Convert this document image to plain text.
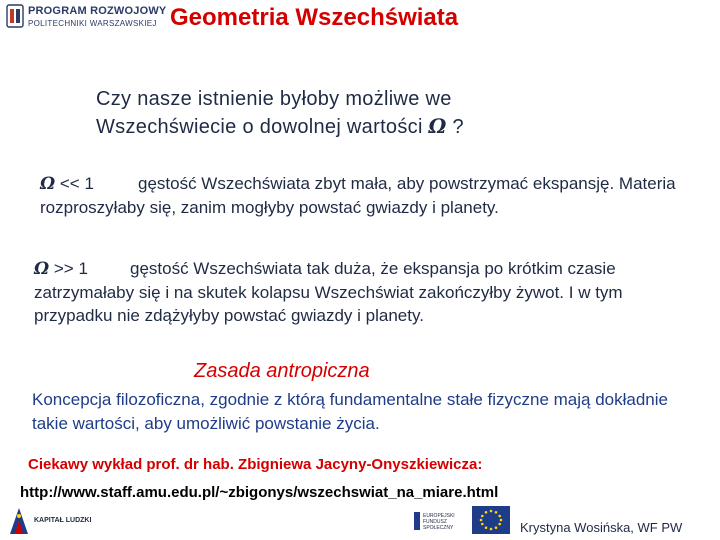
PROGRAM ROZWOJOWY
POLITECHNIKI WARSZAWSKIEJ Geometria Wszechświata
Czy nasze istnienie byłoby możliwe we
Wszechświecie o dowolnej wartości Ω ?
Ω << 1	gęstość Wszechświata zbyt mała, aby powstrzymać ekspansję. Materia rozproszyłaby się, zanim mogłyby powstać gwiazdy i planety.
Ω >> 1 gęstość Wszechświata tak duża, że ekspansja po krótkim czasie zatrzymałaby się i na skutek kolapsu Wszechświat zakończyłby żywot. I w tym przypadku nie zdążyłyby powstać gwiazdy i planety.
Zasada antropiczna
Koncepcja filozoficzna, zgodnie z którą fundamentalne stałe fizyczne mają dokładnie takie wartości, aby umożliwić powstanie życia.
Ciekawy wykład prof. dr hab. Zbigniewa Jacyny-Onyszkiewicza:
http://www.staff.amu.edu.pl/~zbigonys/wszechswiat_na_miare.html
KAPITAŁ LUDZKI
EUROPEJSKI
FUNDUSZ SPOŁECZNY	Krystyna Wosińska, WF PW
